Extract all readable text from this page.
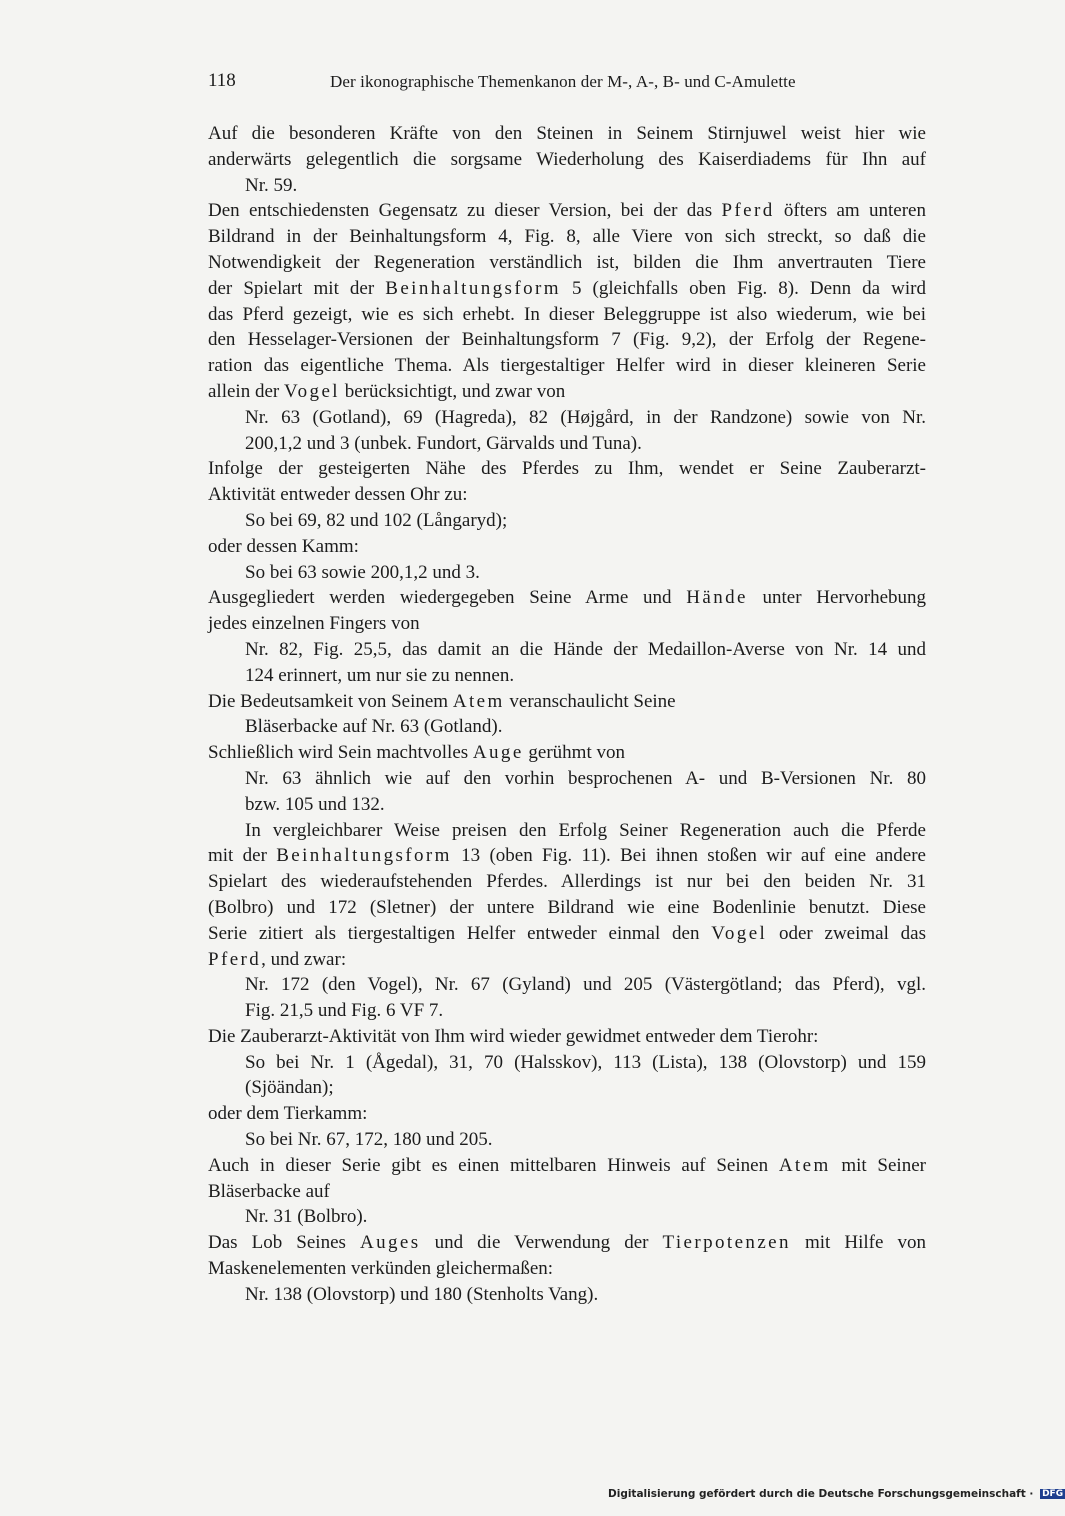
118	Der ikonographische Themenkanon der M-, A-, B- und C-Amulette
Auf die besonderen Kräfte von den Steinen in Seinem Stirnjuwel weist hier wie
anderwärts gelegentlich die sorgsame Wiederholung des Kaiserdiadems für Ihn auf
Nr. 59.
Den entschiedensten Gegensatz zu dieser Version, bei der das Pferd öfters am unteren
Bildrand in der Beinhaltungsform 4, Fig. 8, alle Viere von sich streckt, so daß die
Notwendigkeit der Regeneration verständlich ist, bilden die Ihm anvertrauten Tiere
der Spielart mit der Beinhaltungsform 5 (gleichfalls oben Fig. 8). Denn da wird
das Pferd gezeigt, wie es sich erhebt. In dieser Beleggruppe ist also wiederum, wie bei
den Hesselager-Versionen der Beinhaltungsform 7 (Fig. 9,2), der Erfolg der Regene-
ration das eigentliche Thema. Als tiergestaltiger Helfer wird in dieser kleineren Serie
allein der Vogel berücksichtigt, und zwar von
Nr. 63 (Gotland), 69 (Hagreda), 82 (Højgård, in der Randzone) sowie von Nr.
200,1,2 und 3 (unbek. Fundort, Gärvalds und Tuna).
Infolge der gesteigerten Nähe des Pferdes zu Ihm, wendet er Seine Zauberarzt-
Aktivität entweder dessen Ohr zu:
So bei 69, 82 und 102 (Långaryd);
oder dessen Kamm:
So bei 63 sowie 200,1,2 und 3.
Ausgegliedert werden wiedergegeben Seine Arme und Hände unter Hervorhebung
jedes einzelnen Fingers von
Nr. 82, Fig. 25,5, das damit an die Hände der Medaillon-Averse von Nr. 14 und
124 erinnert, um nur sie zu nennen.
Die Bedeutsamkeit von Seinem Atem veranschaulicht Seine
Bläserbacke auf Nr. 63 (Gotland).
Schließlich wird Sein machtvolles Auge gerühmt von
Nr. 63 ähnlich wie auf den vorhin besprochenen A- und B-Versionen Nr. 80
bzw. 105 und 132.
In vergleichbarer Weise preisen den Erfolg Seiner Regeneration auch die Pferde
mit der Beinhaltungsform 13 (oben Fig. 11). Bei ihnen stoßen wir auf eine andere
Spielart des wiederaufstehenden Pferdes. Allerdings ist nur bei den beiden Nr. 31
(Bolbro) und 172 (Sletner) der untere Bildrand wie eine Bodenlinie benutzt. Diese
Serie zitiert als tiergestaltigen Helfer entweder einmal den Vogel oder zweimal das
Pferd, und zwar:
Nr. 172 (den Vogel), Nr. 67 (Gyland) und 205 (Västergötland; das Pferd), vgl.
Fig. 21,5 und Fig. 6 VF 7.
Die Zauberarzt-Aktivität von Ihm wird wieder gewidmet entweder dem Tierohr:
So bei Nr. 1 (Ågedal), 31, 70 (Halsskov), 113 (Lista), 138 (Olovstorp) und 159
(Sjöändan);
oder dem Tierkamm:
So bei Nr. 67, 172, 180 und 205.
Auch in dieser Serie gibt es einen mittelbaren Hinweis auf Seinen Atem mit Seiner
Bläserbacke auf
Nr. 31 (Bolbro).
Das Lob Seines Auges und die Verwendung der Tierpotenzen mit Hilfe von
Maskenelementen verkünden gleichermaßen:
Nr. 138 (Olovstorp) und 180 (Stenholts Vang).
Digitalisierung gefördert durch die Deutsche Forschungsgemeinschaft · DFG
